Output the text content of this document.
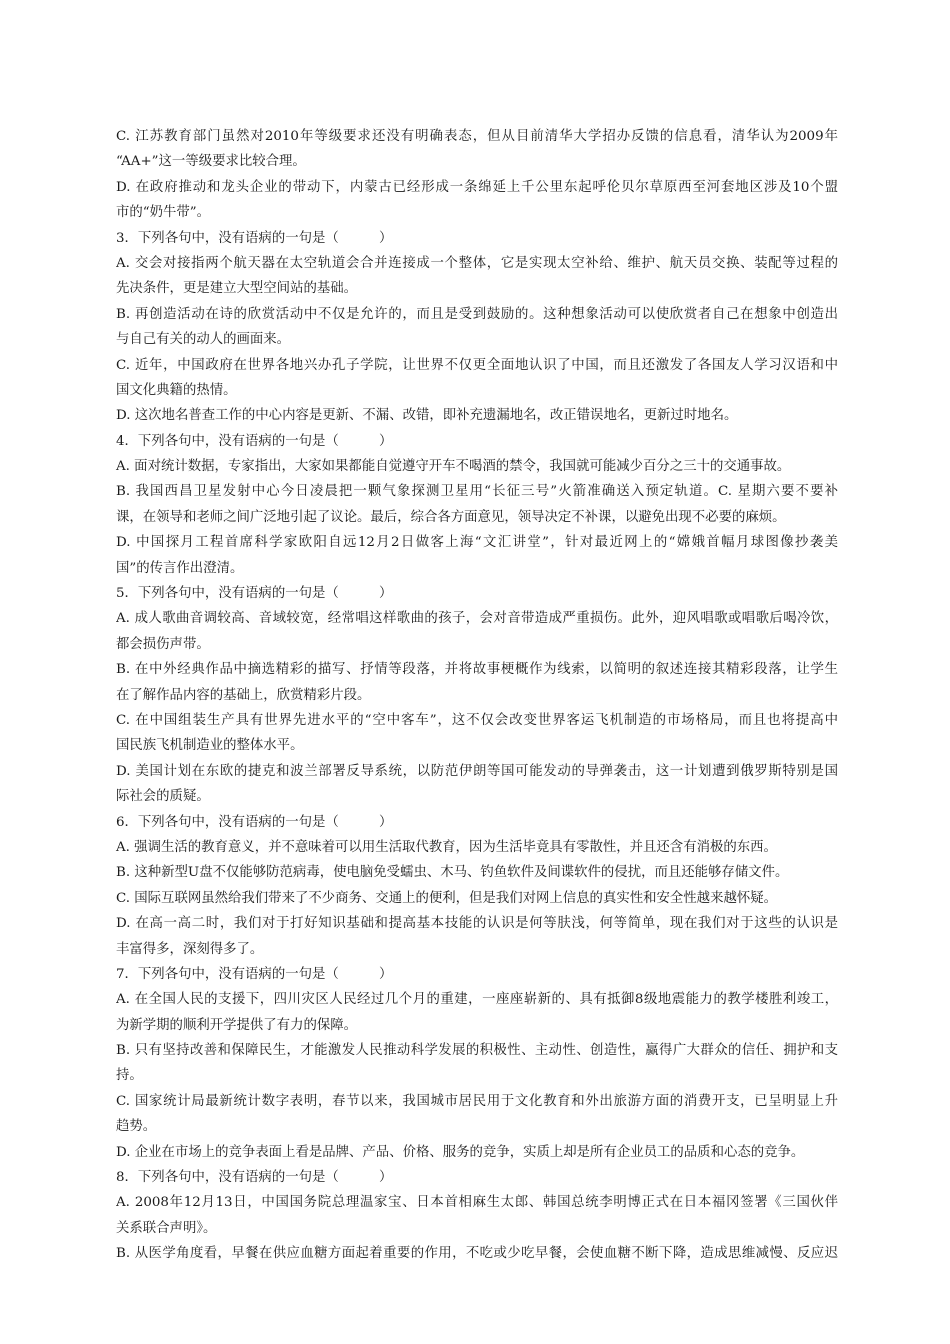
C. 江苏教育部门虽然对2010年等级要求还没有明确表态，但从目前清华大学招办反馈的信息看，清华认为2009年
“AA+”这一等级要求比较合理。
D. 在政府推动和龙头企业的带动下，内蒙古已经形成一条绵延上千公里东起呼伦贝尔草原西至河套地区涉及10个盟
市的“奶牛带”。
3．下列各句中，没有语病的一句是（　　　）
A. 交会对接指两个航天器在太空轨道会合并连接成一个整体，它是实现太空补给、维护、航天员交换、装配等过程的
先决条件，更是建立大型空间站的基础。
B. 再创造活动在诗的欣赏活动中不仅是允许的，而且是受到鼓励的。这种想象活动可以使欣赏者自己在想象中创造出
与自己有关的动人的画面来。
C. 近年，中国政府在世界各地兴办孔子学院，让世界不仅更全面地认识了中国，而且还激发了各国友人学习汉语和中
国文化典籍的热情。
D. 这次地名普查工作的中心内容是更新、不漏、改错，即补充遗漏地名，改正错误地名，更新过时地名。
4．下列各句中，没有语病的一句是（　　　）
A. 面对统计数据，专家指出，大家如果都能自觉遵守开车不喝酒的禁令，我国就可能减少百分之三十的交通事故。
B. 我国西昌卫星发射中心今日凌晨把一颗气象探测卫星用“长征三号”火箭准确送入预定轨道。C. 星期六要不要补
课，在领导和老师之间广泛地引起了议论。最后，综合各方面意见，领导决定不补课，以避免出现不必要的麻烦。
D. 中国探月工程首席科学家欧阳自远12月2日做客上海“文汇讲堂”，针对最近网上的“嫦娥首幅月球图像抄袭美
国”的传言作出澄清。
5．下列各句中，没有语病的一句是（　　　）
A. 成人歌曲音调较高、音域较宽，经常唱这样歌曲的孩子，会对音带造成严重损伤。此外，迎风唱歌或唱歌后喝冷饮，
都会损伤声带。
B. 在中外经典作品中摘选精彩的描写、抒情等段落，并将故事梗概作为线索，以简明的叙述连接其精彩段落，让学生
在了解作品内容的基础上，欣赏精彩片段。
C. 在中国组装生产具有世界先进水平的“空中客车”，这不仅会改变世界客运飞机制造的市场格局，而且也将提高中
国民族飞机制造业的整体水平。
D. 美国计划在东欧的捷克和波兰部署反导系统，以防范伊朗等国可能发动的导弹袭击，这一计划遭到俄罗斯特别是国
际社会的质疑。
6．下列各句中，没有语病的一句是（　　　）
A. 强调生活的教育意义，并不意味着可以用生活取代教育，因为生活毕竟具有零散性，并且还含有消极的东西。
B. 这种新型U盘不仅能够防范病毒，使电脑免受蠕虫、木马、钓鱼软件及间谍软件的侵扰，而且还能够存储文件。
C. 国际互联网虽然给我们带来了不少商务、交通上的便利，但是我们对网上信息的真实性和安全性越来越怀疑。
D. 在高一高二时，我们对于打好知识基础和提高基本技能的认识是何等肤浅，何等简单，现在我们对于这些的认识是
丰富得多，深刻得多了。
7．下列各句中，没有语病的一句是（　　　）
A. 在全国人民的支援下，四川灾区人民经过几个月的重建，一座座崭新的、具有抵御8级地震能力的教学楼胜利竣工，
为新学期的顺利开学提供了有力的保障。
B. 只有坚持改善和保障民生，才能激发人民推动科学发展的积极性、主动性、创造性，赢得广大群众的信任、拥护和支
持。
C. 国家统计局最新统计数字表明，春节以来，我国城市居民用于文化教育和外出旅游方面的消费开支，已呈明显上升
趋势。
D. 企业在市场上的竞争表面上看是品牌、产品、价格、服务的竞争，实质上却是所有企业员工的品质和心态的竞争。
8．下列各句中，没有语病的一句是（　　　）
A. 2008年12月13日，中国国务院总理温家宝、日本首相麻生太郎、韩国总统李明博正式在日本福冈签署《三国伙伴
关系联合声明》。
B. 从医学角度看，早餐在供应血糖方面起着重要的作用，不吃或少吃早餐，会使血糖不断下降，造成思维减慢、反应迟
